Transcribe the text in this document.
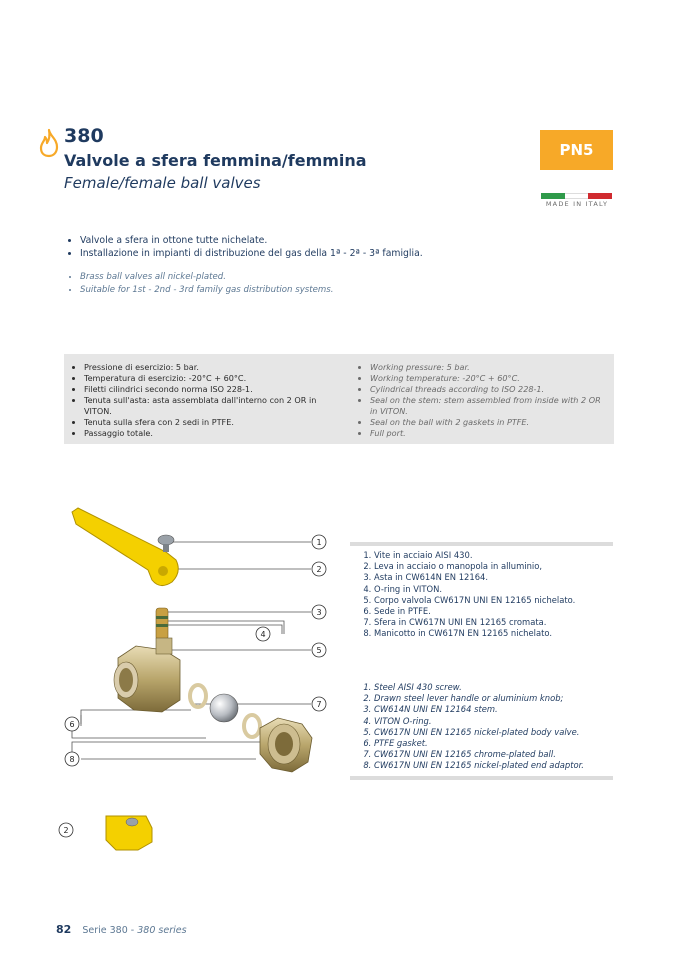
380
Valvole a sfera femmina/femmina
Female/female ball valves
PN5
MADE IN ITALY
• Valvole a sfera in ottone tutte nichelate.
• Installazione in impianti di distribuzione del gas della 1ª - 2ª - 3ª famiglia.
• Brass ball valves all nickel-plated.
• Suitable for 1st - 2nd - 3rd family gas distribution systems.
• Pressione di esercizio: 5 bar.
• Temperatura di esercizio: -20°C + 60°C.
• Filetti cilindrici secondo norma ISO 228-1.
• Tenuta sull'asta: asta assemblata dall'interno con 2 OR in VITON.
• Tenuta sulla sfera con 2 sedi in PTFE.
• Passaggio totale.
• Working pressure: 5 bar.
• Working temperature: -20°C + 60°C.
• Cylindrical threads according to ISO 228-1.
• Seal on the stem: stem assembled from inside with 2 OR in VITON.
• Seal on the ball with 2 gaskets in PTFE.
• Full port.
1
2
3
4
5
6
7
8
1. Vite in acciaio AISI 430.
2. Leva in acciaio o manopola in alluminio,
3. Asta in CW614N EN 12164.
4. O-ring in VITON.
5. Corpo valvola CW617N UNI EN 12165 nichelato.
6. Sede in PTFE.
7. Sfera in CW617N UNI EN 12165 cromata.
8. Manicotto in CW617N EN 12165 nichelato.
1. Steel AISI 430 screw.
2. Drawn steel lever handle or aluminium knob;
3. CW614N UNI EN 12164 stem.
4. VITON O-ring.
5. CW617N UNI EN 12165 nickel-plated body valve.
6. PTFE gasket.
7. CW617N UNI EN 12165 chrome-plated ball.
8. CW617N UNI EN 12165 nickel-plated end adaptor.
2
82 Serie 380 - 380 series
